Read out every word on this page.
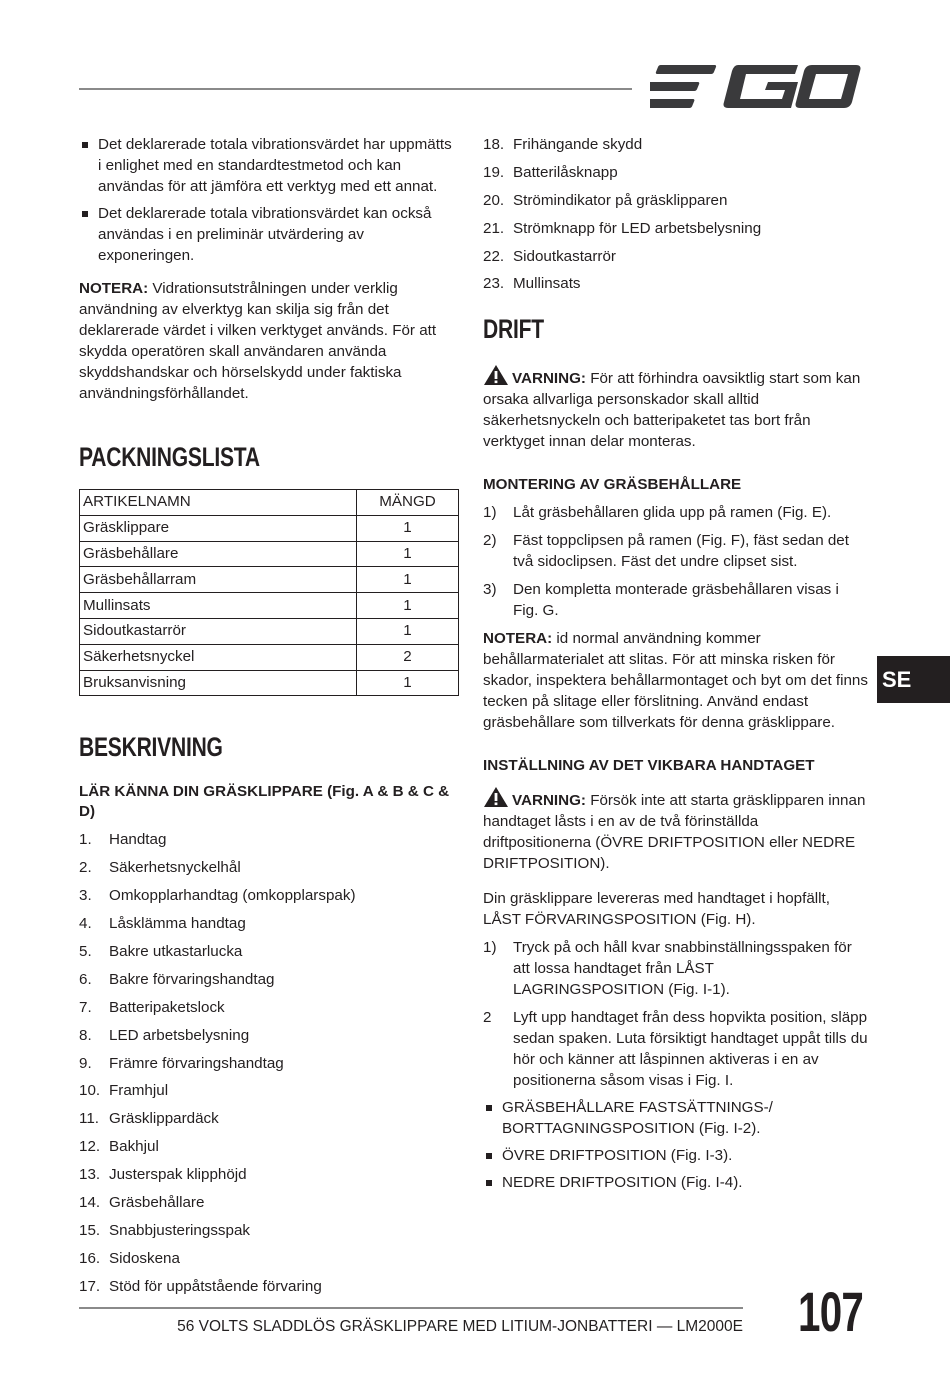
Det deklarerade totala vibrationsvärdet har uppmätts i enlighet med en standardtestmetod och kan användas för att jämföra ett verktyg med ett annat.
Det deklarerade totala vibrationsvärdet kan också användas i en preliminär utvärdering av exponeringen.

NOTERA: Vidrationsutstrålningen under verklig användning av elverktyg kan skilja sig från det deklarerade värdet i vilken verktyget används. För att skydda operatören skall användaren använda skyddshandskar och hörselskydd under faktiska användningsförhållandet.

PACKNINGSLISTA
ARTIKELNAMN	MÄNGD
Gräsklippare	1
Gräsbehållare	1
Gräsbehållarram	1
Mullinsats	1
Sidoutkastarrör	1
Säkerhetsnyckel	2
Bruksanvisning	1
BESKRIVNING
LÄR KÄNNA DIN GRÄSKLIPPARE (Fig. A & B & C & D)
1.	Handtag
2.	Säkerhetsnyckelhål
3.	Omkopplarhandtag (omkopplarspak)
4.	Låsklämma handtag
5.	Bakre utkastarlucka
6.	Bakre förvaringshandtag
7.	Batteripaketslock
8.	LED arbetsbelysning
9.	Främre förvaringshandtag
10. Framhjul
11. Gräsklippardäck
12. Bakhjul
13. Justerspak klipphöjd
14. Gräsbehållare
15. Snabbjusteringsspak
16. Sidoskena
17. Stöd för uppåtstående förvaring
18. Frihängande skydd
19. Batterilåsknapp
20. Strömindikator på gräsklipparen
21. Strömknapp för LED arbetsbelysning
22. Sidoutkastarrör
23. Mullinsats
DRIFT

VARNING: För att förhindra oavsiktlig start som kan orsaka allvarliga personskador skall alltid säkerhetsnyckeln och batteripaketet tas bort från verktyget innan delar monteras.

MONTERING AV GRÄSBEHÅLLARE
1)	Låt gräsbehållaren glida upp på ramen (Fig. E).
2)	Fäst toppclipsen på ramen (Fig. F), fäst sedan det två sidoclipsen. Fäst det undre clipset sist.
3)	Den kompletta monterade gräsbehållaren visas i Fig. G.

NOTERA: id normal användning kommer behållarmaterialet att slitas. För att minska risken för skador, inspektera behållarmontaget och byt om det finns tecken på slitage eller förslitning. Använd endast gräsbehållare som tillverkats för denna gräsklippare.

INSTÄLLNING AV DET VIKBARA HANDTAGET

VARNING: Försök inte att starta gräsklipparen innan handtaget låsts i en av de två förinställda driftpositionerna (ÖVRE DRIFTPOSITION eller NEDRE DRIFTPOSITION).

Din gräsklippare levereras med handtaget i hopfällt, LÅST FÖRVARINGSPOSITION (Fig. H).

1)	Tryck på och håll kvar snabbinställningsspaken för att lossa handtaget från LÅST LAGRINGSPOSITION (Fig. I-1).
2	Lyft upp handtaget från dess hopvikta position, släpp sedan spaken. Luta försiktigt handtaget uppåt tills du hör och känner att låspinnen aktiveras i en av positionerna såsom visas i Fig. I.
GRÄSBEHÅLLARE FASTSÄTTNINGS-/ BORTTAGNINGSPOSITION (Fig. I-2).
ÖVRE DRIFTPOSITION (Fig. I-3).
NEDRE DRIFTPOSITION (Fig. I-4).
SE
56 VOLTS SLADDLÖS GRÄSKLIPPARE MED LITIUM-JONBATTERI — LM2000E 107
